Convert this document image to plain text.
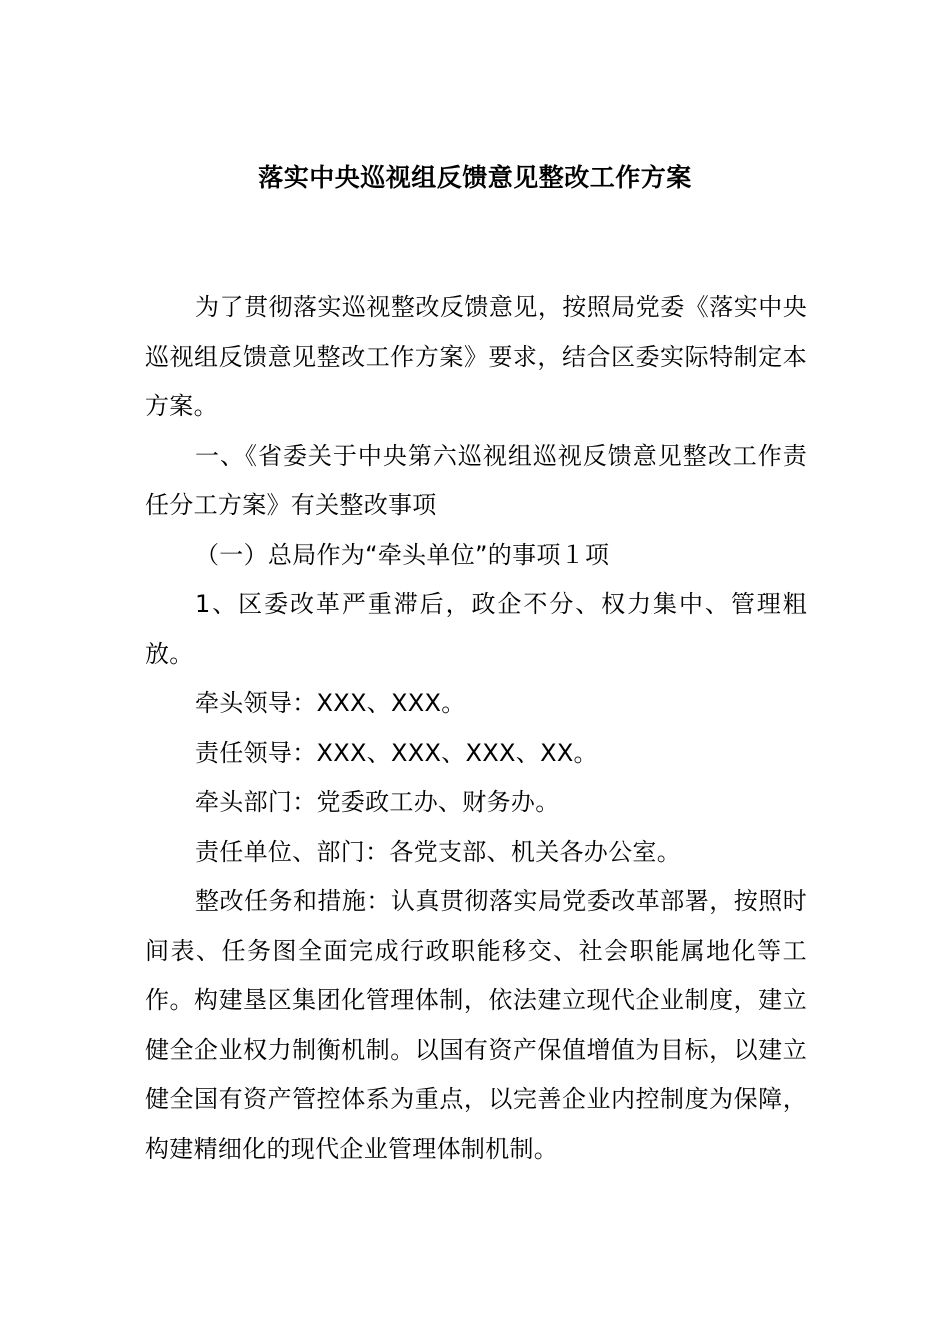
落实中央巡视组反馈意见整改工作方案

为了贯彻落实巡视整改反馈意见，按照局党委《落实中央巡视组反馈意见整改工作方案》要求，结合区委实际特制定本方案。

一、《省委关于中央第六巡视组巡视反馈意见整改工作责任分工方案》有关整改事项

（一）总局作为“牵头单位”的事项１项

1、区委改革严重滞后，政企不分、权力集中、管理粗放。

牵头领导：XXX、XXX。

责任领导：XXX、XXX、XXX、XX。

牵头部门：党委政工办、财务办。

责任单位、部门：各党支部、机关各办公室。

整改任务和措施：认真贯彻落实局党委改革部署，按照时间表、任务图全面完成行政职能移交、社会职能属地化等工作。构建垦区集团化管理体制，依法建立现代企业制度，建立健全企业权力制衡机制。以国有资产保值增值为目标，以建立健全国有资产管控体系为重点，以完善企业内控制度为保障，构建精细化的现代企业管理体制机制。
